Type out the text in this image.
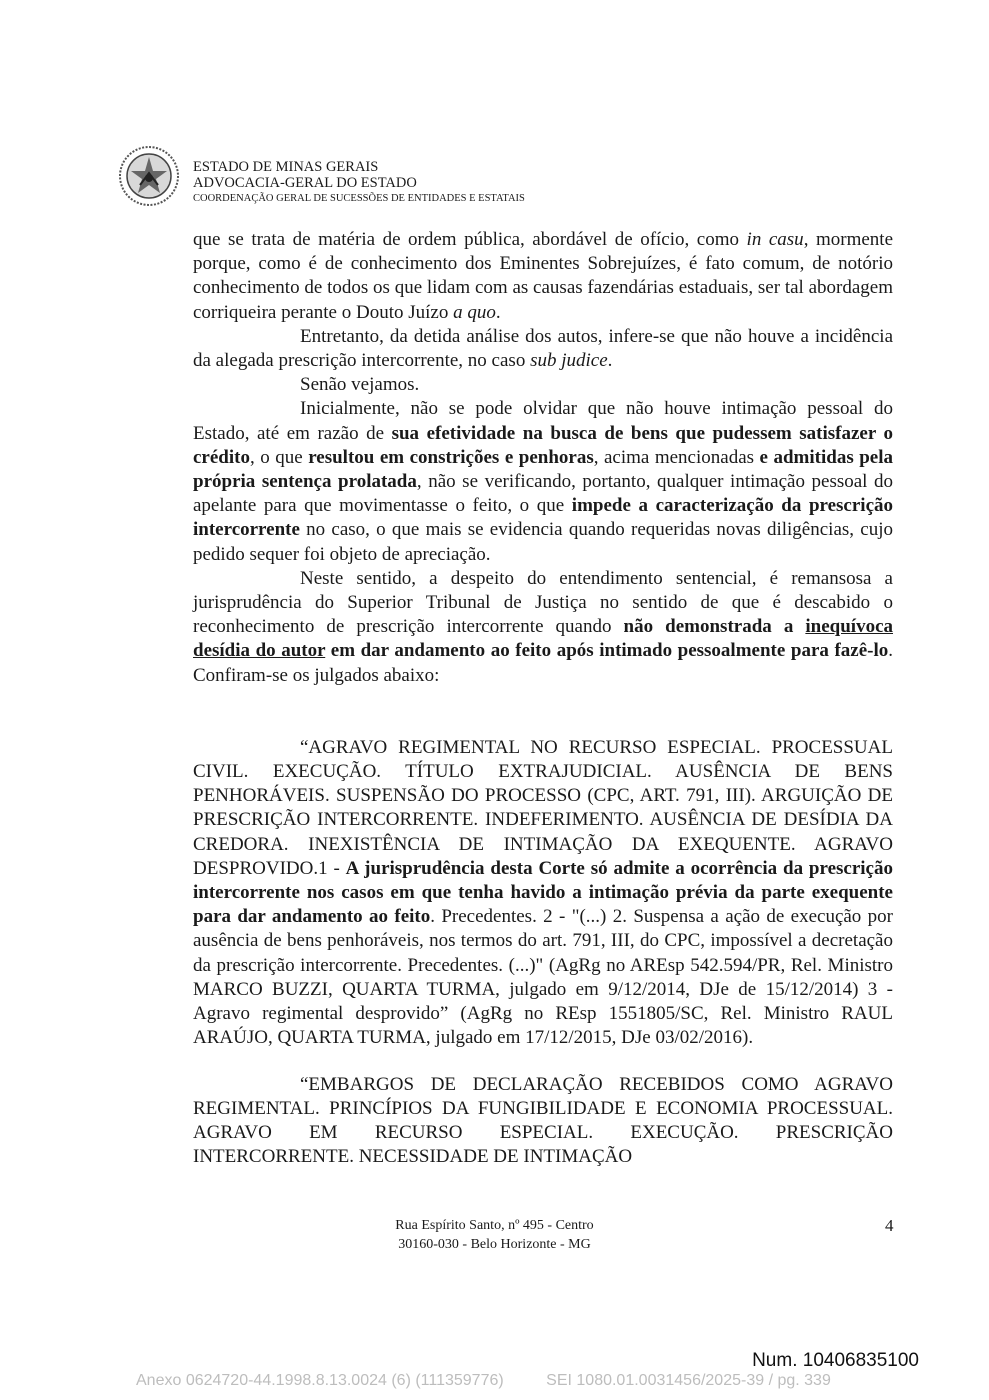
ESTADO DE MINAS GERAIS
ADVOCACIA-GERAL DO ESTADO
COORDENAÇÃO GERAL DE SUCESSÕES DE ENTIDADES E ESTATAIS

que se trata de matéria de ordem pública, abordável de ofício, como in casu, mormente porque, como é de conhecimento dos Eminentes Sobrejuízes, é fato comum, de notório conhecimento de todos os que lidam com as causas fazendárias estaduais, ser tal abordagem corriqueira perante o Douto Juízo a quo.

Entretanto, da detida análise dos autos, infere-se que não houve a incidência da alegada prescrição intercorrente, no caso sub judice.

Senão vejamos.

Inicialmente, não se pode olvidar que não houve intimação pessoal do Estado, até em razão de sua efetividade na busca de bens que pudessem satisfazer o crédito, o que resultou em constrições e penhoras, acima mencionadas e admitidas pela própria sentença prolatada, não se verificando, portanto, qualquer intimação pessoal do apelante para que movimentasse o feito, o que impede a caracterização da prescrição intercorrente no caso, o que mais se evidencia quando requeridas novas diligências, cujo pedido sequer foi objeto de apreciação.

Neste sentido, a despeito do entendimento sentencial, é remansosa a jurisprudência do Superior Tribunal de Justiça no sentido de que é descabido o reconhecimento de prescrição intercorrente quando não demonstrada a inequívoca desídia do autor em dar andamento ao feito após intimado pessoalmente para fazê-lo. Confiram-se os julgados abaixo:

“AGRAVO REGIMENTAL NO RECURSO ESPECIAL. PROCESSUAL CIVIL. EXECUÇÃO. TÍTULO EXTRAJUDICIAL. AUSÊNCIA DE BENS PENHORÁVEIS. SUSPENSÃO DO PROCESSO (CPC, ART. 791, III). ARGUIÇÃO DE PRESCRIÇÃO INTERCORRENTE. INDEFERIMENTO. AUSÊNCIA DE DESÍDIA DA CREDORA. INEXISTÊNCIA DE INTIMAÇÃO DA EXEQUENTE. AGRAVO DESPROVIDO.1 - A jurisprudência desta Corte só admite a ocorrência da prescrição intercorrente nos casos em que tenha havido a intimação prévia da parte exequente para dar andamento ao feito. Precedentes. 2 - "(...) 2. Suspensa a ação de execução por ausência de bens penhoráveis, nos termos do art. 791, III, do CPC, impossível a decretação da prescrição intercorrente. Precedentes. (...)" (AgRg no AREsp 542.594/PR, Rel. Ministro MARCO BUZZI, QUARTA TURMA, julgado em 9/12/2014, DJe de 15/12/2014) 3 - Agravo regimental desprovido” (AgRg no REsp 1551805/SC, Rel. Ministro RAUL ARAÚJO, QUARTA TURMA, julgado em 17/12/2015, DJe 03/02/2016).

“EMBARGOS DE DECLARAÇÃO RECEBIDOS COMO AGRAVO REGIMENTAL. PRINCÍPIOS DA FUNGIBILIDADE E ECONOMIA PROCESSUAL. AGRAVO EM RECURSO ESPECIAL. EXECUÇÃO. PRESCRIÇÃO INTERCORRENTE. NECESSIDADE DE INTIMAÇÃO

Rua Espírito Santo, nº 495 - Centro
30160-030 - Belo Horizonte - MG
4
Num. 10406835100
Anexo 0624720-44.1998.8.13.0024 (6) (111359776)	SEI 1080.01.0031456/2025-39 / pg. 339
